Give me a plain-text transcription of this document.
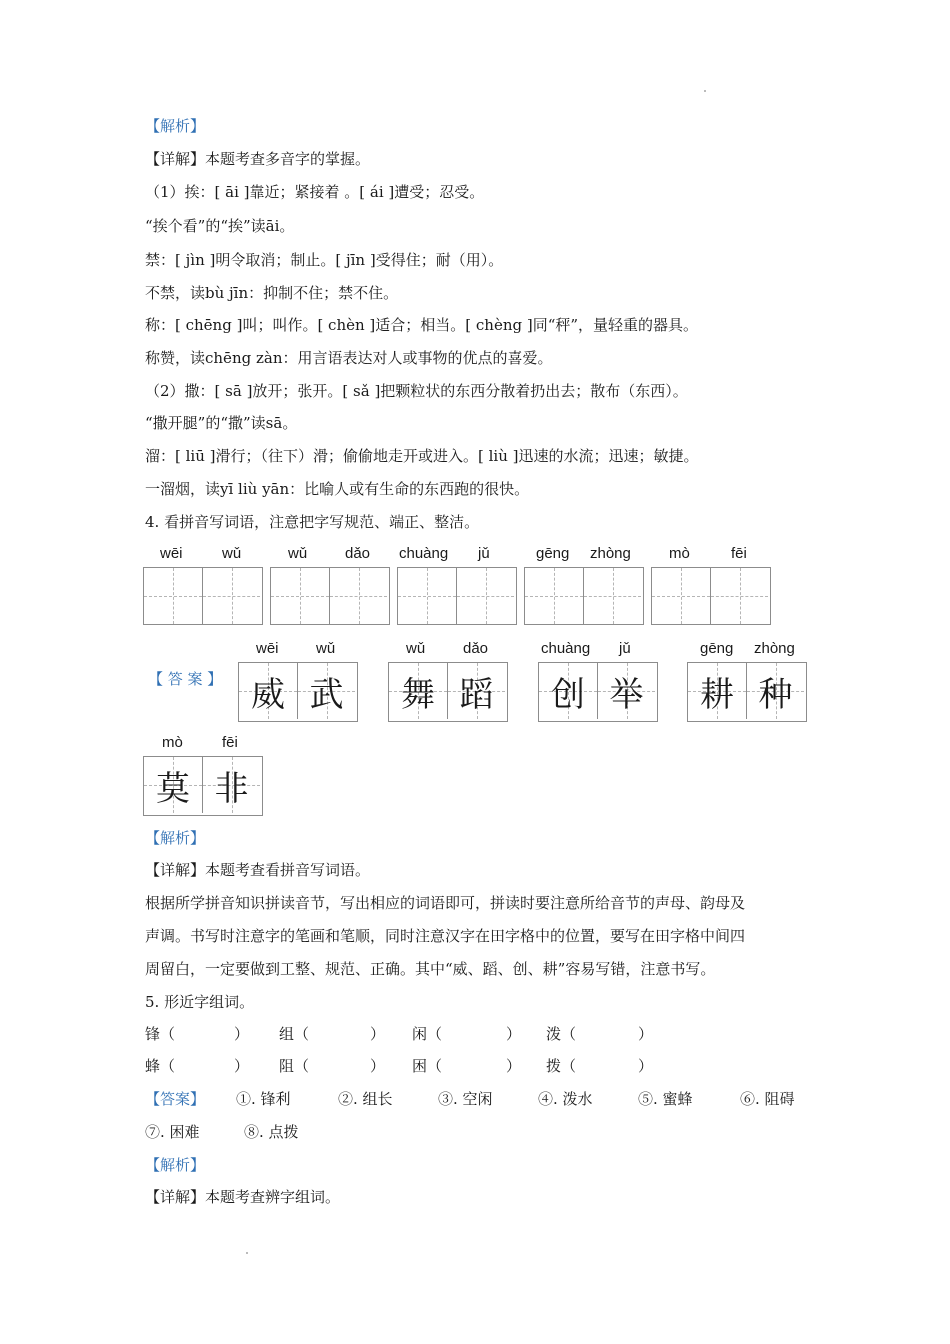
【解析】
【详解】本题考查多音字的掌握。
（1）挨：[ āi ]靠近；紧接着 。[ ái ]遭受；忍受。
“挨个看”的“挨”读āi。
禁：[ jìn ]明令取消；制止。[ jīn ]受得住；耐（用）。
不禁，读bù jīn：抑制不住；禁不住。
称：[ chēng ]叫；叫作。[ chèn ]适合；相当。[ chèng ]同“秤”，量轻重的器具。
称赞，读chēng zàn：用言语表达对人或事物的优点的喜爱。
（2）撒：[ sā ]放开；张开。[ sǎ ]把颗粒状的东西分散着扔出去；散布（东西）。
“撒开腿”的“撒”读sā。
溜：[ liū ]滑行；（往下）滑；偷偷地走开或进入。[ liù ]迅速的水流；迅速；敏捷。
一溜烟，读yī liù yān：比喻人或有生命的东西跑的很快。
4. 看拼音写词语，注意把字写规范、端正、整洁。
wēi	wǔ	wǔ	dǎo chuàng jǔ	gēng zhòng	mò	fēi
【 答 案 】
wēi wǔ
威 武
wǔ	dǎo
舞 蹈
chuàng jǔ
创 举
gēng zhòng
耕 种
mò	fēi
莫 非
【解析】
【详解】本题考查看拼音写词语。
根据所学拼音知识拼读音节，写出相应的词语即可，拼读时要注意所给音节的声母、韵母及
声调。书写时注意字的笔画和笔顺，同时注意汉字在田字格中的位置，要写在田字格中间四
周留白，一定要做到工整、规范、正确。其中“威、蹈、创、耕”容易写错，注意书写。
5. 形近字组词。
锋（	） 组（	） 闲（	） 泼（	）
蜂（	） 阻（	） 困（	） 拨（	）
【答案】 ①. 锋利	②. 组长	③. 空闲	④. 泼水	⑤. 蜜蜂	⑥. 阻碍
⑦. 困难	⑧. 点拨
【解析】
【详解】本题考查辨字组词。
